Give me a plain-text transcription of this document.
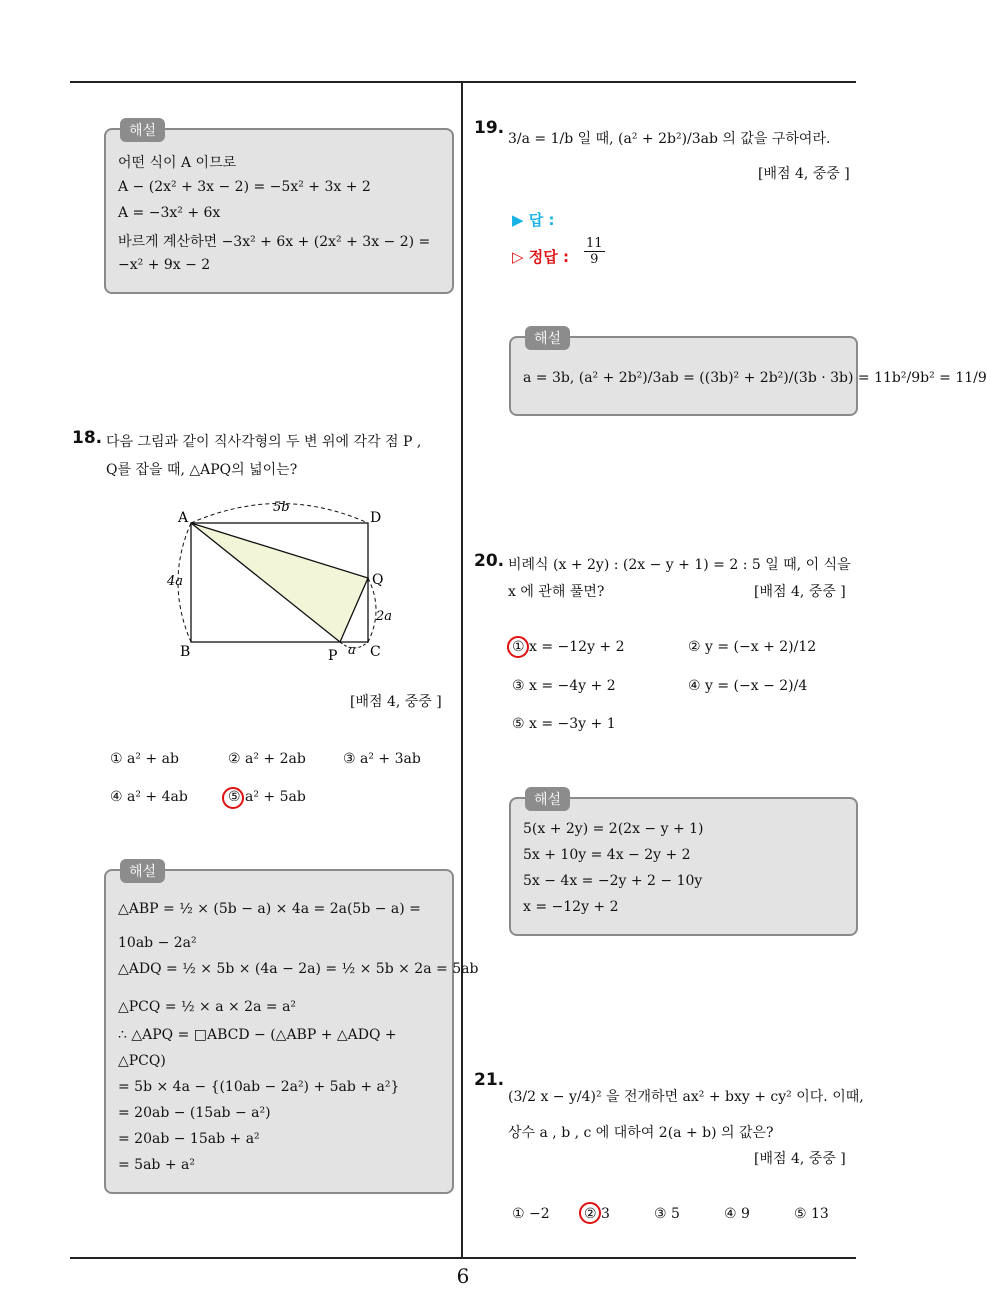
해설
어떤 식이 A 이므로
A − (2x² + 3x − 2) = −5x² + 3x + 2
A = −3x² + 6x
바르게 계산하면 −3x² + 6x + (2x² + 3x − 2) =
−x² + 9x − 2
18. 다음 그림과 같이 직사각형의 두 변 위에 각각 점 P ,
Q를 잡을 때, △APQ의 넓이는?
A	D
B	C
P
Q
5b
4a
2a
a
[배점 4, 중중 ]
① a² + ab	② a² + 2ab	③ a² + 3ab
④ a² + 4ab	⑤ a² + 5ab
해설
△ABP = ½ × (5b − a) × 4a = 2a(5b − a) =
10ab − 2a²
△ADQ = ½ × 5b × (4a − 2a) = ½ × 5b × 2a = 5ab
△PCQ = ½ × a × 2a = a²
∴ △APQ = □ABCD − (△ABP + △ADQ +
△PCQ)
= 5b × 4a − {(10ab − 2a²) + 5ab + a²}
= 20ab − (15ab − a²)
= 20ab − 15ab + a²
= 5ab + a²
19.
3/a = 1/b 일 때, (a² + 2b²)/3ab 의 값을 구하여라.
[배점 4, 중중 ]
▶ 답 :
▷ 정답 : $\frac{11}{9}$
해설
a = 3b, (a² + 2b²)/3ab = ((3b)² + 2b²)/(3b · 3b) = 11b²/9b² = 11/9
20. 비례식 (x + 2y) : (2x − y + 1) = 2 : 5 일 때, 이 식을
x 에 관해 풀면?	[배점 4, 중중 ]
① x = −12y + 2	② y = (−x + 2)/12
③ x = −4y + 2	④ y = (−x − 2)/4
⑤ x = −3y + 1
해설
5(x + 2y) = 2(2x − y + 1)
5x + 10y = 4x − 2y + 2
5x − 4x = −2y + 2 − 10y
x = −12y + 2
21.
(3/2 x − y/4)² 을 전개하면 ax² + bxy + cy² 이다. 이때,
상수 a , b , c 에 대하여 2(a + b) 의 값은?
[배점 4, 중중 ]
① −2 ② 3	③ 5	④ 9	⑤ 13
6
